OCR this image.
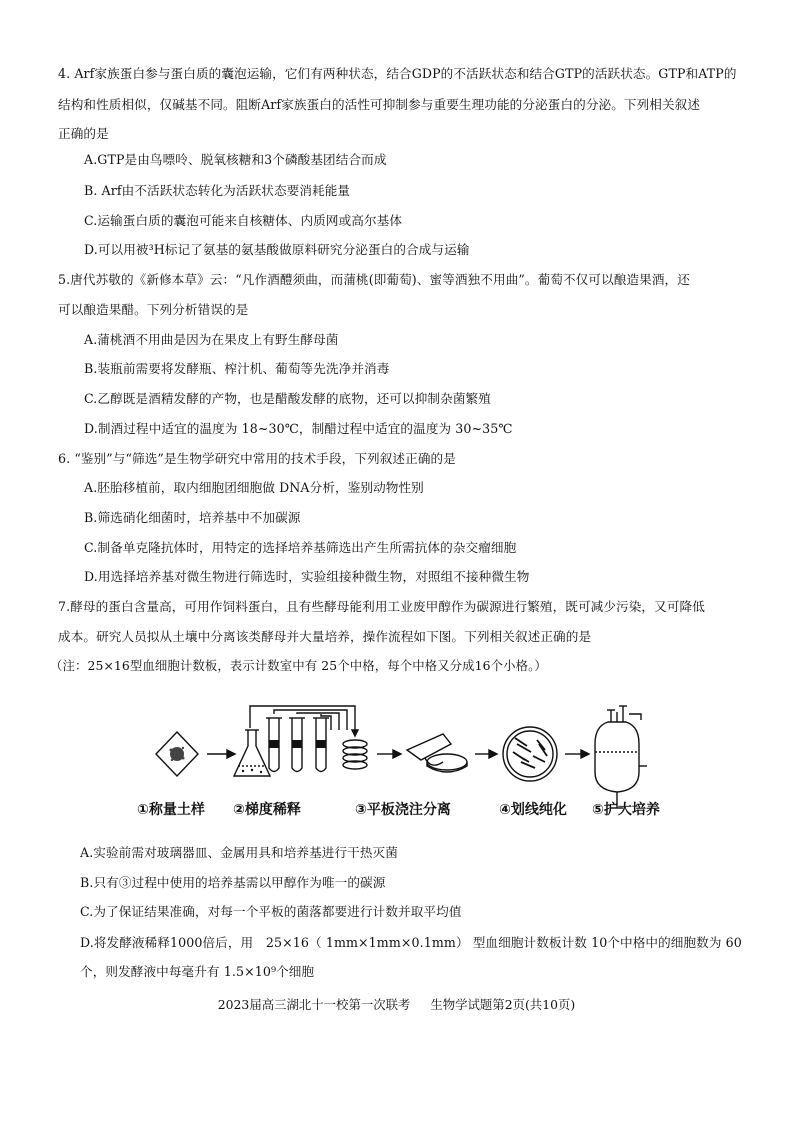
4. Arf家族蛋白参与蛋白质的囊泡运输，它们有两种状态，结合GDP的不活跃状态和结合GTP的活跃状态。GTP和ATP的
结构和性质相似，仅碱基不同。阻断Arf家族蛋白的活性可抑制参与重要生理功能的分泌蛋白的分泌。下列相关叙述
正确的是
A.GTP是由鸟嘌呤、脱氧核糖和3个磷酸基团结合而成
B. Arf由不活跃状态转化为活跃状态要消耗能量
C.运输蛋白质的囊泡可能来自核糖体、内质网或高尔基体
D.可以用被³H标记了氨基的氨基酸做原料研究分泌蛋白的合成与运输
5.唐代苏敬的《新修本草》云：“凡作酒醴须曲，而蒲桃(即葡萄)、蜜等酒独不用曲”。葡萄不仅可以酿造果酒，还
可以酿造果醋。下列分析错误的是
A.蒲桃酒不用曲是因为在果皮上有野生酵母菌
B.装瓶前需要将发酵瓶、榨汁机、葡萄等先洗净并消毒
C.乙醇既是酒精发酵的产物，也是醋酸发酵的底物，还可以抑制杂菌繁殖
D.制酒过程中适宜的温度为 18~30℃，制醋过程中适宜的温度为 30~35℃
6. “鉴别”与“筛选”是生物学研究中常用的技术手段，下列叙述正确的是
A.胚胎移植前，取内细胞团细胞做 DNA分析，鉴别动物性别
B.筛选硝化细菌时，培养基中不加碳源
C.制备单克隆抗体时，用特定的选择培养基筛选出产生所需抗体的杂交瘤细胞
D.用选择培养基对微生物进行筛选时，实验组接种微生物，对照组不接种微生物
7.酵母的蛋白含量高，可用作饲料蛋白，且有些酵母能利用工业废甲醇作为碳源进行繁殖，既可减少污染，又可降低
成本。研究人员拟从土壤中分离该类酵母并大量培养，操作流程如下图。下列相关叙述正确的是
（注：25×16型血细胞计数板，表示计数室中有 25个中格，每个中格又分成16个小格。）
①称量土样 ②梯度稀释	③平板浇注分离	④划线纯化 ⑤扩大培养
A.实验前需对玻璃器皿、金属用具和培养基进行干热灭菌
B.只有③过程中使用的培养基需以甲醇作为唯一的碳源
C.为了保证结果准确，对每一个平板的菌落都要进行计数并取平均值
D.将发酵液稀释1000倍后，用　25×16（ 1mm×1mm×0.1mm） 型血细胞计数板计数 10个中格中的细胞数为 60
个，则发酵液中每毫升有 1.5×10⁹个细胞
2023届高三湖北十一校第一次联考 生物学试题第2页(共10页)
